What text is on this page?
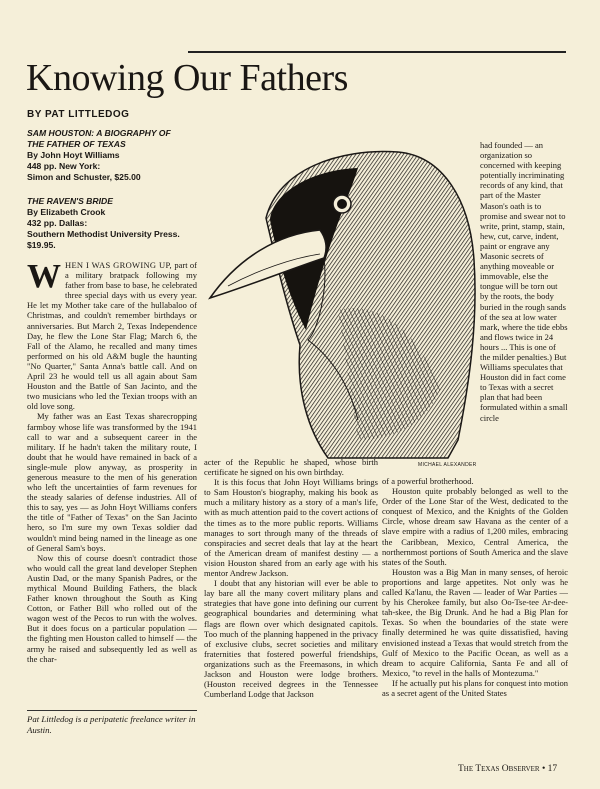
Knowing Our Fathers
BY PAT LITTLEDOG
SAM HOUSTON: A BIOGRAPHY OF
THE FATHER OF TEXAS
By John Hoyt Williams
448 pp. New York:
Simon and Schuster, $25.00
THE RAVEN'S BRIDE
By Elizabeth Crook
432 pp. Dallas:
Southern Methodist University Press.
$19.95.

WHEN I WAS GROWING UP, part of a military bratpack following my father from base to base, he celebrated three special days with us every year. He let my Mother take care of the hullabaloo of Christmas, and couldn't remember birthdays or anniversaries. But March 2, Texas Independence Day, he flew the Lone Star Flag; March 6, the Fall of the Alamo, he recalled and many times performed on his old A&M bugle the haunting "No Quarter," Santa Anna's battle call. And on April 23 he would tell us all again about Sam Houston and the Battle of San Jacinto, and the two musicians who led the Texian troops with an old love song.

My father was an East Texas sharecropping farmboy whose life was transformed by the 1941 call to war and a subsequent career in the military. If he hadn't taken the military route, I doubt that he would have remained in back of a single-mule plow anyway, as prosperity in generous measure to the men of his generation who left the uncertainties of farm revenues for the steady salaries of defense industries. All of this to say, yes — as John Hoyt Williams confers the title of "Father of Texas" on the San Jacinto hero, so I'm sure my own Texas soldier dad wouldn't mind being named in the lineage as one of General Sam's boys.

Now this of course doesn't contradict those who would call the great land developer Stephen Austin Dad, or the many Spanish Padres, or the mythical Mound Building Fathers, the black Father known throughout the South as King Cotton, or Father Bill who rolled out of the wagon west of the Pecos to run with the wolves. But it does focus on a particular population — the fighting men Houston called to himself — the army he raised and subsequently led as well as the char-

Pat Littledog is a peripatetic freelance writer in Austin.
MICHAEL ALEXANDER

had founded — an organization so concerned with keeping potentially incriminating records of any kind, that part of the Master Mason's oath is to promise and swear not to write, print, stamp, stain, hew, cut, carve, indent, paint or engrave any Masonic secrets of anything moveable or immovable, else the tongue will be torn out by the roots, the body buried in the rough sands of the sea at low water mark, where the tide ebbs and flows twice in 24 hours ... This is one of the milder penalties.) But Williams speculates that Houston did in fact come to Texas with a secret plan that had been formulated within a small circle

acter of the Republic he shaped, whose birth certificate he signed on his own birthday.

It is this focus that John Hoyt Williams brings to Sam Houston's biography, making his book as much a military history as a story of a man's life, with as much attention paid to the covert actions of the times as to the more public reports. Williams manages to sort through many of the threads of conspiracies and secret deals that lay at the heart of the American dream of manifest destiny — a vision Houston shared from an early age with his mentor Andrew Jackson.

I doubt that any historian will ever be able to lay bare all the many covert military plans and strategies that have gone into defining our current geographical boundaries and determining what flags are flown over which designated capitols. Too much of the planning happened in the privacy of exclusive clubs, secret societies and military fraternities that fostered powerful friendships, organizations such as the Freemasons, in which Jackson and Houston were lodge brothers. (Houston received degrees in the Tennessee Cumberland Lodge that Jackson

of a powerful brotherhood.

Houston quite probably belonged as well to the Order of the Lone Star of the West, dedicated to the conquest of Mexico, and the Knights of the Golden Circle, whose dream saw Havana as the center of a slave empire with a radius of 1,200 miles, embracing the Caribbean, Mexico, Central America, the northernmost portions of South America and the slave states of the South.

Houston was a Big Man in many senses, of heroic proportions and large appetites. Not only was he called Ka'lanu, the Raven — leader of War Parties — by his Cherokee family, but also Oo-Tse-tee Ar-dee-tah-skee, the Big Drunk. And he had a Big Plan for Texas. So when the boundaries of the state were finally determined he was quite dissatisfied, having envisioned instead a Texas that would stretch from the Gulf of Mexico to the Pacific Ocean, as well as a dream to acquire California, Santa Fe and all of Mexico, "to revel in the halls of Montezuma."

If he actually put his plans for conquest into motion as a secret agent of the United States

The Texas Observer • 17
